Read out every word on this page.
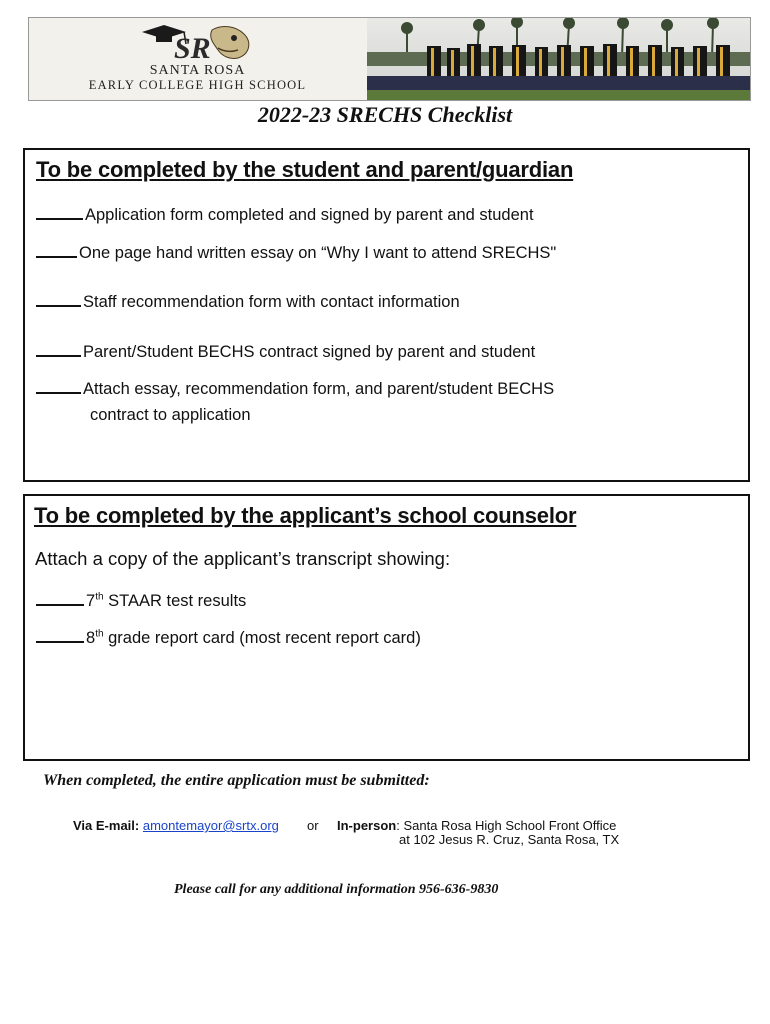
SR
SANTA ROSA
EARLY COLLEGE HIGH SCHOOL
2022-23 SRECHS Checklist
To be completed by the student and parent/guardian
Application form completed and signed by parent and student
One page hand written essay on “Why I want to attend SRECHS"
Staff recommendation form with contact information
Parent/Student BECHS contract signed by parent and student
Attach essay, recommendation form, and parent/student BECHS
contract to application
To be completed by the applicant’s school counselor
Attach a copy of the applicant’s transcript showing:
7th STAAR test results
8th grade report card (most recent report card)
When completed, the entire application must be submitted:
Via E-mail: amontemayor@srtx.org or In-person: Santa Rosa High School Front Office
at 102 Jesus R. Cruz, Santa Rosa, TX
Please call for any additional information 956-636-9830
